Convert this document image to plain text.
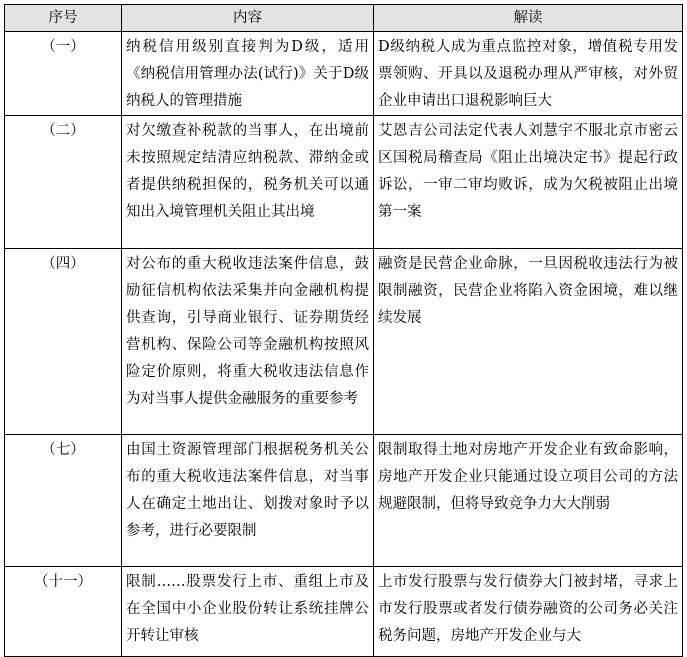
序号	内容	解读
（一）	纳税信用级别直接判为D级，适用《纳税信用管理办法(试行)》关于D级纳税人的管理措施	D级纳税人成为重点监控对象，增值税专用发票领购、开具以及退税办理从严审核，对外贸企业申请出口退税影响巨大
（二）	对欠缴查补税款的当事人，在出境前未按照规定结清应纳税款、滞纳金或者提供纳税担保的，税务机关可以通知出入境管理机关阻止其出境	艾恩吉公司法定代表人刘慧宇不服北京市密云区国税局稽查局《阻止出境决定书》提起行政诉讼，一审二审均败诉，成为欠税被阻止出境第一案
（四）	对公布的重大税收违法案件信息，鼓励征信机构依法采集并向金融机构提供查询，引导商业银行、证券期货经营机构、保险公司等金融机构按照风险定价原则，将重大税收违法信息作为对当事人提供金融服务的重要参考	融资是民营企业命脉，一旦因税收违法行为被限制融资，民营企业将陷入资金困境，难以继续发展
（七）	由国土资源管理部门根据税务机关公布的重大税收违法案件信息，对当事人在确定土地出让、划拨对象时予以参考，进行必要限制	限制取得土地对房地产开发企业有致命影响，房地产开发企业只能通过设立项目公司的方法规避限制，但将导致竞争力大大削弱
（十一）	限制……股票发行上市、重组上市及在全国中小企业股份转让系统挂牌公开转让审核	上市发行股票与发行债券大门被封堵，寻求上市发行股票或者发行债券融资的公司务必关注税务问题，房地产开发企业与大
